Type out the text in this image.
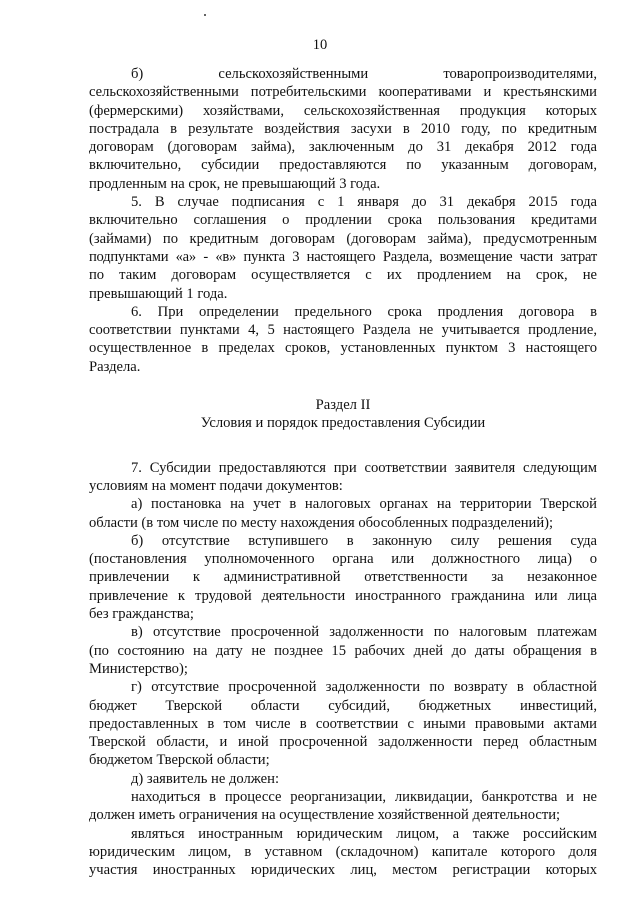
10
б) сельскохозяйственными товаропроизводителями,
сельскохозяйственными потребительскими кооперативами и крестьянскими
(фермерскими) хозяйствами, сельскохозяйственная продукция которых
пострадала в результате воздействия засухи в 2010 году, по кредитным
договорам (договорам займа), заключенным до 31 декабря 2012 года
включительно, субсидии предоставляются по указанным договорам,
продленным на срок, не превышающий 3 года.
5. В случае подписания с 1 января до 31 декабря 2015 года
включительно соглашения о продлении срока пользования кредитами
(займами) по кредитным договорам (договорам займа), предусмотренным
подпунктами «а» - «в» пункта 3 настоящего Раздела, возмещение части затрат
по таким договорам осуществляется с их продлением на срок, не
превышающий 1 года.
6. При определении предельного срока продления договора в
соответствии пунктами 4, 5 настоящего Раздела не учитывается продление,
осуществленное в пределах сроков, установленных пунктом 3 настоящего
Раздела.

Раздел II

Условия и порядок предоставления Субсидии

7. Субсидии предоставляются при соответствии заявителя следующим
условиям на момент подачи документов:
а) постановка на учет в налоговых органах на территории Тверской
области (в том числе по месту нахождения обособленных подразделений);
б) отсутствие вступившего в законную силу решения суда
(постановления уполномоченного органа или должностного лица) о
привлечении к административной ответственности за незаконное
привлечение к трудовой деятельности иностранного гражданина или лица
без гражданства;
в) отсутствие просроченной задолженности по налоговым платежам
(по состоянию на дату не позднее 15 рабочих дней до даты обращения в
Министерство);
г) отсутствие просроченной задолженности по возврату в областной
бюджет Тверской области субсидий, бюджетных инвестиций,
предоставленных в том числе в соответствии с иными правовыми актами
Тверской области, и иной просроченной задолженности перед областным
бюджетом Тверской области;
д) заявитель не должен:
находиться в процессе реорганизации, ликвидации, банкротства и не
должен иметь ограничения на осуществление хозяйственной деятельности;
являться иностранным юридическим лицом, а также российским
юридическим лицом, в уставном (складочном) капитале которого доля
участия иностранных юридических лиц, местом регистрации которых
